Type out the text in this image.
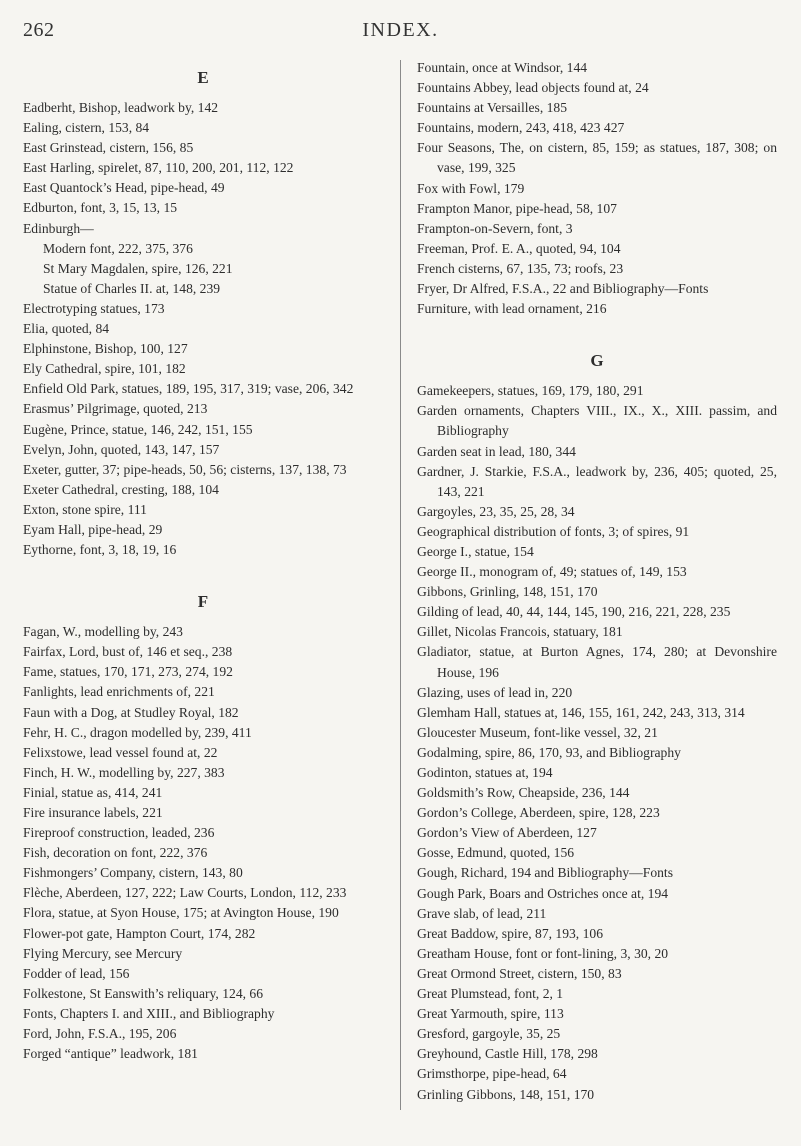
262	INDEX.
E

Eadberht, Bishop, leadwork by, 142

Ealing, cistern, 153, 84

East Grinstead, cistern, 156, 85

East Harling, spirelet, 87, 110, 200, 201, 112, 122

East Quantock’s Head, pipe-head, 49

Edburton, font, 3, 15, 13, 15

Edinburgh—

Modern font, 222, 375, 376

St Mary Magdalen, spire, 126, 221

Statue of Charles II. at, 148, 239

Electrotyping statues, 173

Elia, quoted, 84

Elphinstone, Bishop, 100, 127

Ely Cathedral, spire, 101, 182

Enfield Old Park, statues, 189, 195, 317, 319; vase, 206, 342

Erasmus’ Pilgrimage, quoted, 213

Eugène, Prince, statue, 146, 242, 151, 155

Evelyn, John, quoted, 143, 147, 157

Exeter, gutter, 37; pipe-heads, 50, 56; cisterns, 137, 138, 73

Exeter Cathedral, cresting, 188, 104

Exton, stone spire, 111

Eyam Hall, pipe-head, 29

Eythorne, font, 3, 18, 19, 16

F

Fagan, W., modelling by, 243

Fairfax, Lord, bust of, 146 et seq., 238

Fame, statues, 170, 171, 273, 274, 192

Fanlights, lead enrichments of, 221

Faun with a Dog, at Studley Royal, 182

Fehr, H. C., dragon modelled by, 239, 411

Felixstowe, lead vessel found at, 22

Finch, H. W., modelling by, 227, 383

Finial, statue as, 414, 241

Fire insurance labels, 221

Fireproof construction, leaded, 236

Fish, decoration on font, 222, 376

Fishmongers’ Company, cistern, 143, 80

Flèche, Aberdeen, 127, 222; Law Courts, London, 112, 233

Flora, statue, at Syon House, 175; at Avington House, 190

Flower-pot gate, Hampton Court, 174, 282

Flying Mercury, see Mercury

Fodder of lead, 156

Folkestone, St Eanswith’s reliquary, 124, 66

Fonts, Chapters I. and XIII., and Bibliography

Ford, John, F.S.A., 195, 206

Forged “antique” leadwork, 181

Fountain, once at Windsor, 144

Fountains Abbey, lead objects found at, 24

Fountains at Versailles, 185

Fountains, modern, 243, 418, 423 427

Four Seasons, The, on cistern, 85, 159; as statues, 187, 308; on vase, 199, 325

Fox with Fowl, 179

Frampton Manor, pipe-head, 58, 107

Frampton-on-Severn, font, 3

Freeman, Prof. E. A., quoted, 94, 104

French cisterns, 67, 135, 73; roofs, 23

Fryer, Dr Alfred, F.S.A., 22 and Bibliography—Fonts

Furniture, with lead ornament, 216

G

Gamekeepers, statues, 169, 179, 180, 291

Garden ornaments, Chapters VIII., IX., X., XIII. passim, and Bibliography

Garden seat in lead, 180, 344

Gardner, J. Starkie, F.S.A., leadwork by, 236, 405; quoted, 25, 143, 221

Gargoyles, 23, 35, 25, 28, 34

Geographical distribution of fonts, 3; of spires, 91

George I., statue, 154

George II., monogram of, 49; statues of, 149, 153

Gibbons, Grinling, 148, 151, 170

Gilding of lead, 40, 44, 144, 145, 190, 216, 221, 228, 235

Gillet, Nicolas Francois, statuary, 181

Gladiator, statue, at Burton Agnes, 174, 280; at Devonshire House, 196

Glazing, uses of lead in, 220

Glemham Hall, statues at, 146, 155, 161, 242, 243, 313, 314

Gloucester Museum, font-like vessel, 32, 21

Godalming, spire, 86, 170, 93, and Bibliography

Godinton, statues at, 194

Goldsmith’s Row, Cheapside, 236, 144

Gordon’s College, Aberdeen, spire, 128, 223

Gordon’s View of Aberdeen, 127

Gosse, Edmund, quoted, 156

Gough, Richard, 194 and Bibliography—Fonts

Gough Park, Boars and Ostriches once at, 194

Grave slab, of lead, 211

Great Baddow, spire, 87, 193, 106

Greatham House, font or font-lining, 3, 30, 20

Great Ormond Street, cistern, 150, 83

Great Plumstead, font, 2, 1

Great Yarmouth, spire, 113

Gresford, gargoyle, 35, 25

Greyhound, Castle Hill, 178, 298

Grimsthorpe, pipe-head, 64

Grinling Gibbons, 148, 151, 170
